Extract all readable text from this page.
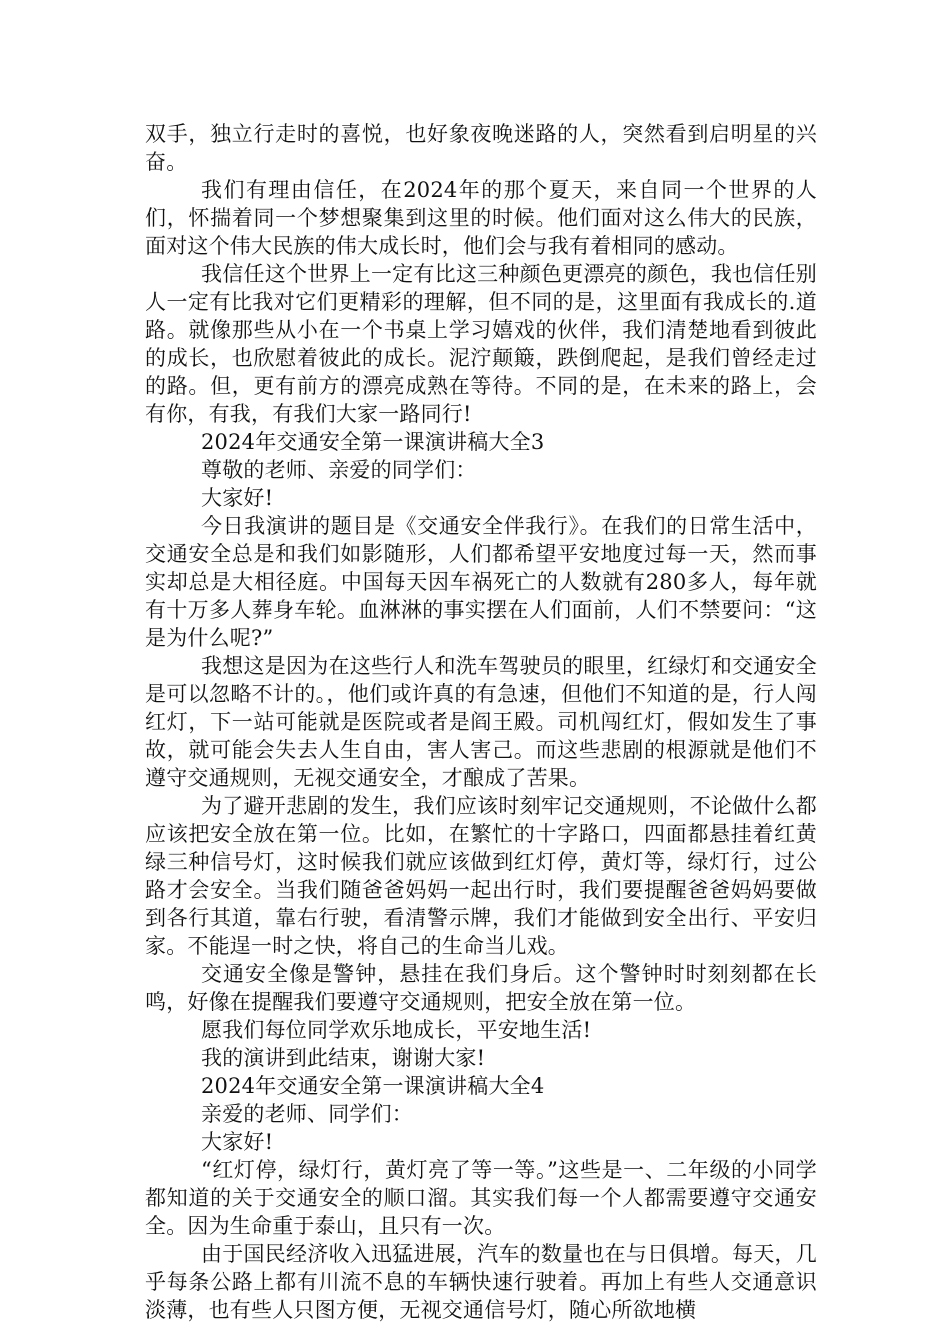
双手，独立行走时的喜悦，也好象夜晚迷路的人，突然看到启明星的兴奋。

我们有理由信任，在2024年的那个夏天，来自同一个世界的人们，怀揣着同一个梦想聚集到这里的时候。他们面对这么伟大的民族，面对这个伟大民族的伟大成长时，他们会与我有着相同的感动。

我信任这个世界上一定有比这三种颜色更漂亮的颜色，我也信任别人一定有比我对它们更精彩的理解，但不同的是，这里面有我成长的.道路。就像那些从小在一个书桌上学习嬉戏的伙伴，我们清楚地看到彼此的成长，也欣慰着彼此的成长。泥泞颠簸，跌倒爬起，是我们曾经走过的路。但，更有前方的漂亮成熟在等待。不同的是，在未来的路上，会有你，有我，有我们大家一路同行!

2024年交通安全第一课演讲稿大全3

尊敬的老师、亲爱的同学们：

大家好!

今日我演讲的题目是《交通安全伴我行》。在我们的日常生活中，交通安全总是和我们如影随形，人们都希望平安地度过每一天，然而事实却总是大相径庭。中国每天因车祸死亡的人数就有280多人，每年就有十万多人葬身车轮。血淋淋的事实摆在人们面前，人们不禁要问：“这是为什么呢?”

我想这是因为在这些行人和洗车驾驶员的眼里，红绿灯和交通安全是可以忽略不计的。，他们或许真的有急速，但他们不知道的是，行人闯红灯，下一站可能就是医院或者是阎王殿。司机闯红灯，假如发生了事故，就可能会失去人生自由，害人害己。而这些悲剧的根源就是他们不遵守交通规则，无视交通安全，才酿成了苦果。

为了避开悲剧的发生，我们应该时刻牢记交通规则，不论做什么都应该把安全放在第一位。比如，在繁忙的十字路口，四面都悬挂着红黄绿三种信号灯，这时候我们就应该做到红灯停，黄灯等，绿灯行，过公路才会安全。当我们随爸爸妈妈一起出行时，我们要提醒爸爸妈妈要做到各行其道，靠右行驶，看清警示牌，我们才能做到安全出行、平安归家。不能逞一时之快，将自己的生命当儿戏。

交通安全像是警钟，悬挂在我们身后。这个警钟时时刻刻都在长鸣，好像在提醒我们要遵守交通规则，把安全放在第一位。

愿我们每位同学欢乐地成长，平安地生活!

我的演讲到此结束，谢谢大家!

2024年交通安全第一课演讲稿大全4

亲爱的老师、同学们：

大家好!

“红灯停，绿灯行，黄灯亮了等一等。”这些是一、二年级的小同学都知道的关于交通安全的顺口溜。其实我们每一个人都需要遵守交通安全。因为生命重于泰山，且只有一次。

由于国民经济收入迅猛进展，汽车的数量也在与日俱增。每天，几乎每条公路上都有川流不息的车辆快速行驶着。再加上有些人交通意识淡薄，也有些人只图方便，无视交通信号灯，随心所欲地横
